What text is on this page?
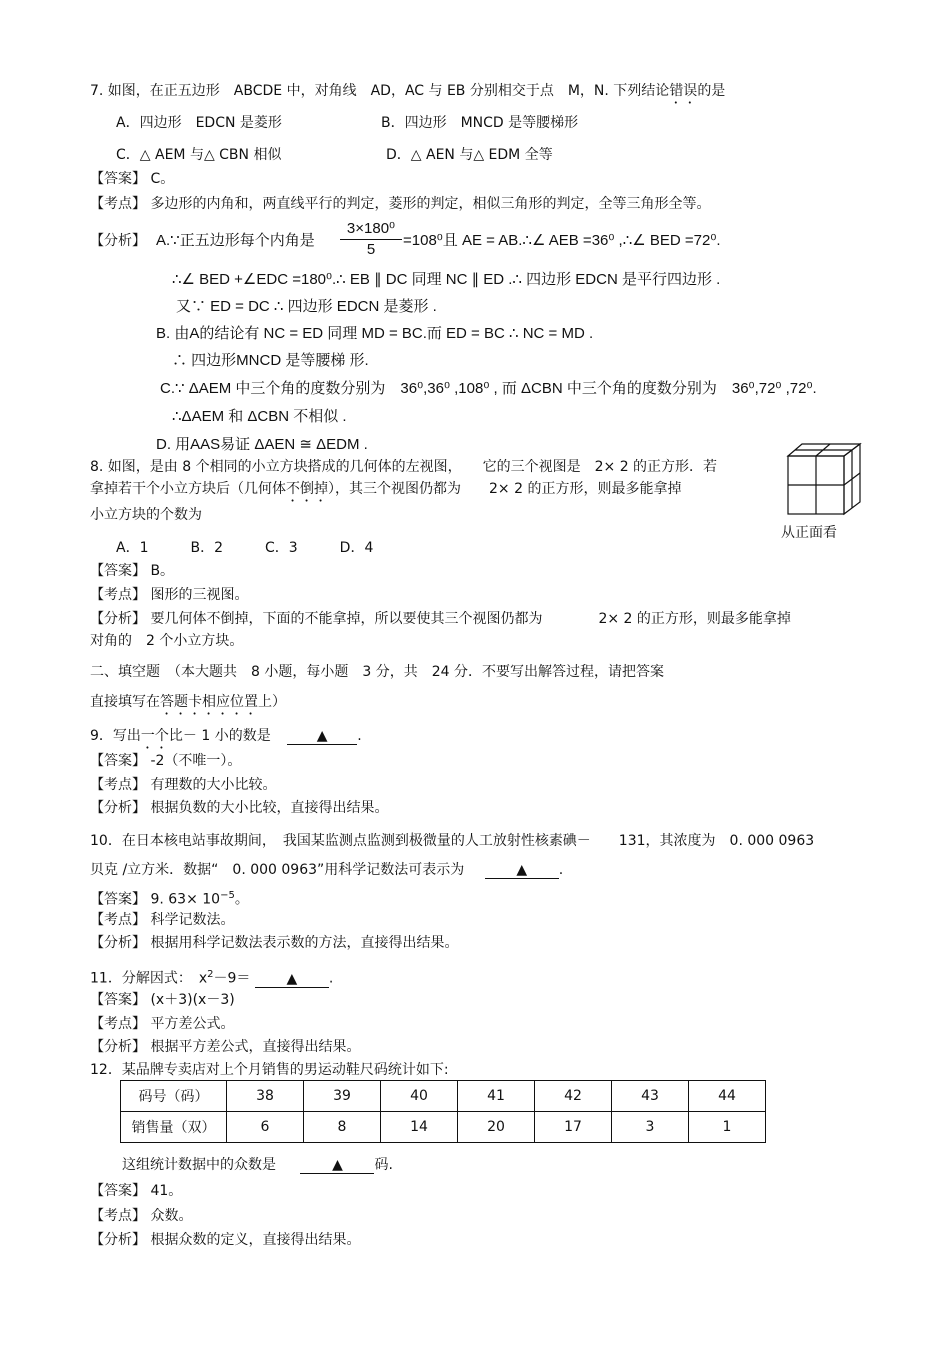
7. 如图，在正五边形　ABCDE 中，对角线　AD，AC 与 EB 分别相交于点　M，N. 下列结论错误的是
A．四边形　EDCN 是菱形	B．四边形　MNCD 是等腰梯形
C．△ AEM 与△ CBN 相似	D．△ AEN 与△ EDM 全等
【答案】 C。
【考点】 多边形的内角和，两直线平行的判定，菱形的判定，相似三角形的判定，全等三角形全等。
【分析】 A.∵正五边形每个内角是 $\frac{\text{3×180⁰}}{5} =108^0$且 AE = AB.∴∠ AEB =36⁰ ,∴∠ BED =72⁰.
∴∠ BED +∠EDC =180⁰.∴ EB ∥ DC 同理 NC ∥ ED .∴ 四边形 EDCN 是平行四边形 .
又∵ ED = DC ∴ 四边形 EDCN 是菱形 .
B. 由A的结论有 NC = ED 同理 MD = BC.而 ED = BC ∴ NC = MD .
∴ 四边形MNCD 是等腰梯 形.
C.∵ ΔAEM 中三个角的度数分别为　36⁰,36⁰ ,108⁰ , 而 ΔCBN 中三个角的度数分别为　36⁰,72⁰ ,72⁰.
∴ΔAEM 和 ΔCBN 不相似 .
D. 用AAS易证 ΔAEN ≅ ΔEDM .
8. 如图，是由 8 个相同的小立方块搭成的几何体的左视图，　　它的三个视图是　2× 2 的正方形．若
拿掉若干个小立方块后（几何体不倒掉），其三个视图仍都为　　2× 2 的正方形，则最多能拿掉
小立方块的个数为
从正面看
A．1　　　B．2　　　C．3　　　D．4
【答案】 B。
【考点】 图形的三视图。
【分析】 要几何体不倒掉，下面的不能拿掉，所以要使其三个视图仍都为　　　　2× 2 的正方形，则最多能拿掉
对角的　2 个小立方块。
二、填空题　（本大题共　8 小题，每小题　3 分，共　24 分．不要写出解答过程，请把答案
直接填写在答题卡相应位置上）
9．写出一个比－ 1 小的数是	▲ .
【答案】 -2（不唯一）。
【考点】 有理数的大小比较。
【分析】 根据负数的大小比较，直接得出结果。
10．在日本核电站事故期间，　我国某监测点监测到极微量的人工放射性核素碘－　　131，其浓度为　0. 000 0963
贝克 /立方米．数据“　0. 000 0963”用科学记数法可表示为	▲ .
【答案】 9. $63\times 10^{-5}$。
【考点】 科学记数法。
【分析】 根据用科学记数法表示数的方法，直接得出结果。
11．分解因式：　$x^2-9=$	▲ .
【答案】 (x＋3)(x－3)
【考点】 平方差公式。
【分析】 根据平方差公式，直接得出结果。
12．某品牌专卖店对上个月销售的男运动鞋尺码统计如下:
码号（码）	38	39	40	41	42	43	44
销售量（双）	6	8	14	20	17	3	1
这组统计数据中的众数是	▲ 码.
【答案】 41。
【考点】 众数。
【分析】 根据众数的定义，直接得出结果。
